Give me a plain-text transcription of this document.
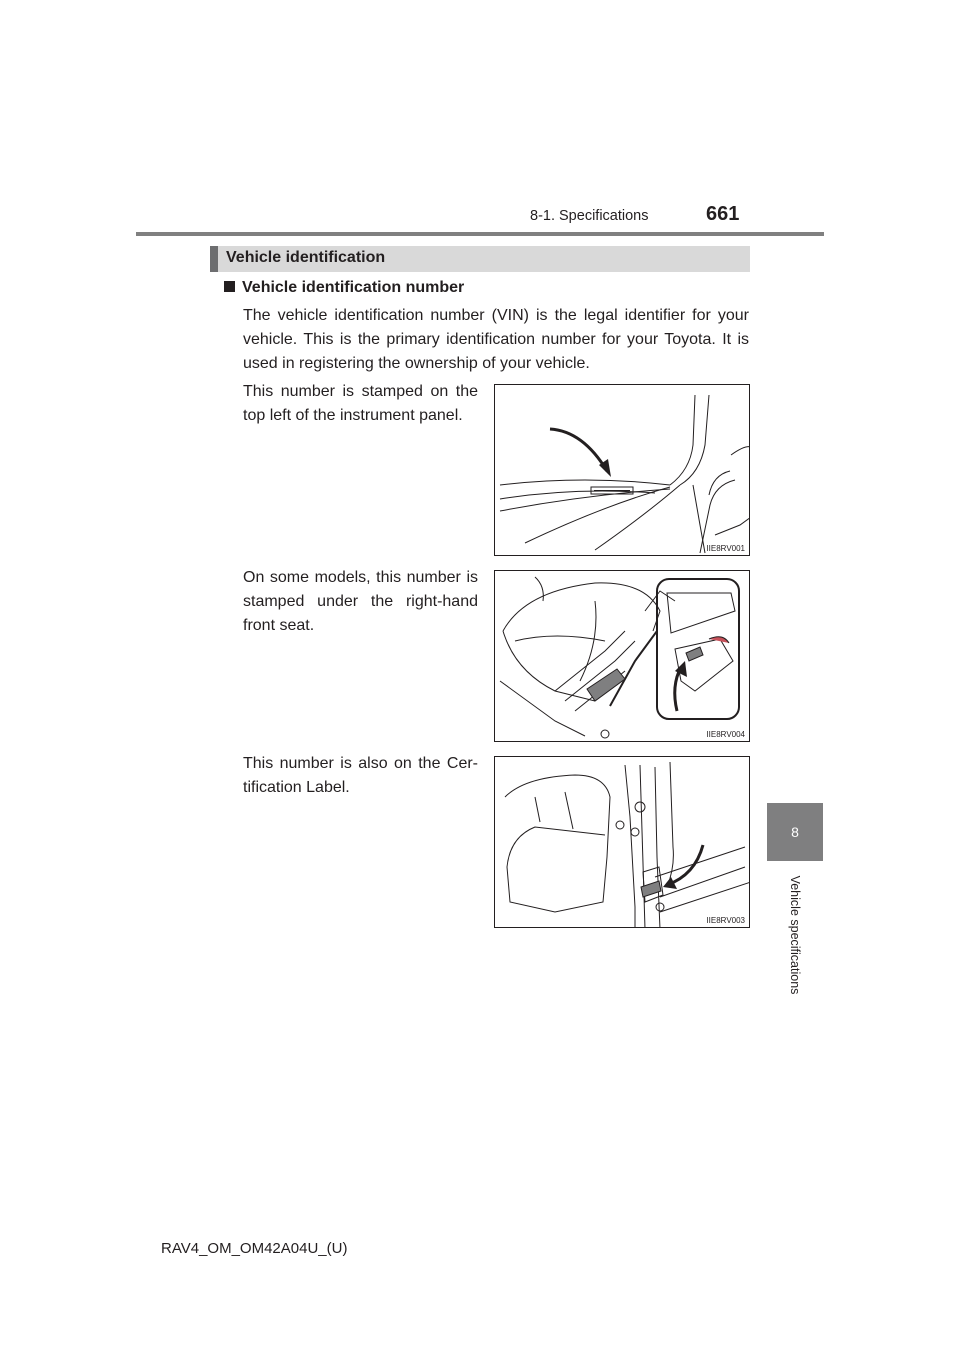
8-1. Specifications	661
8
Vehicle specifications
Vehicle identification
Vehicle identification number
The vehicle identification number (VIN) is the legal identifier for your vehicle. This is the primary identification number for your Toyota. It is used in registering the ownership of your vehicle.
This number is stamped on the top left of the instrument panel.
IIE8RV001
On some models, this number is stamped under the right-hand front seat.
IIE8RV004
This number is also on the Cer-tification Label.
IIE8RV003
RAV4_OM_OM42A04U_(U)
